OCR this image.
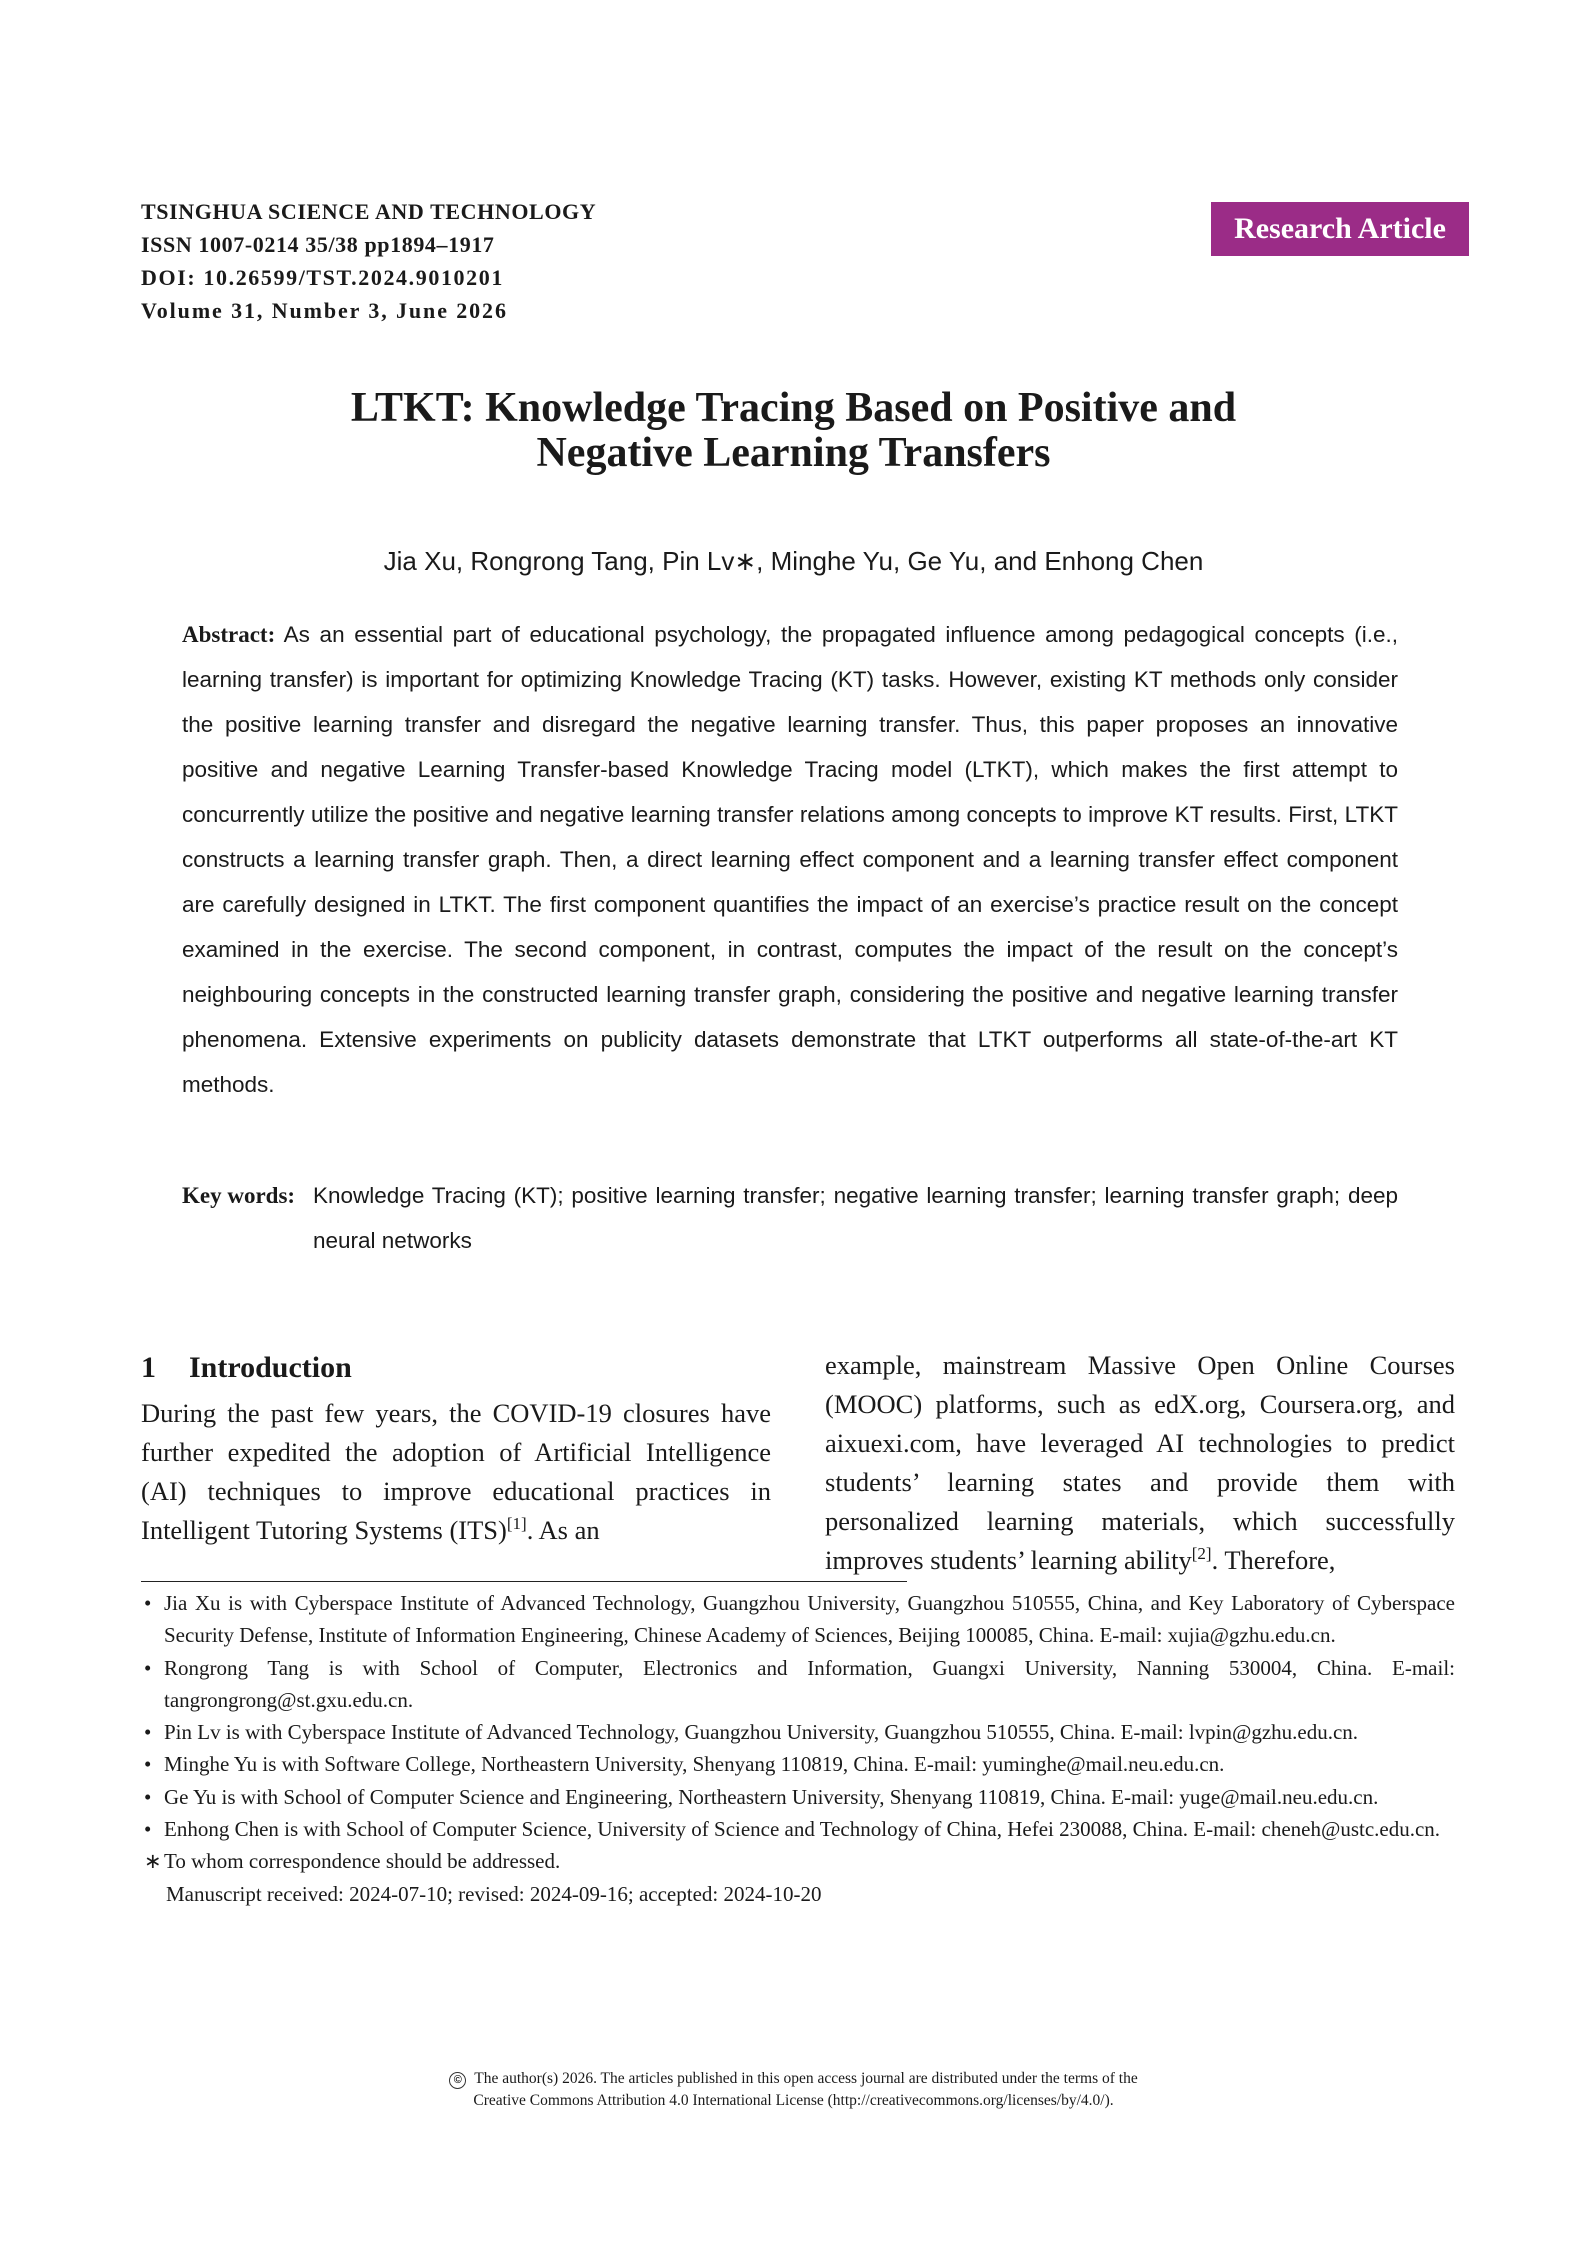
TSINGHUA SCIENCE AND TECHNOLOGY
ISSN 1007-0214 35/38 pp1894–1917
DOI: 10.26599/TST.2024.9010201
Volume 31, Number 3, June 2026
Research Article
LTKT: Knowledge Tracing Based on Positive and
Negative Learning Transfers
Jia Xu, Rongrong Tang, Pin Lv∗, Minghe Yu, Ge Yu, and Enhong Chen
Abstract: As an essential part of educational psychology, the propagated influence among pedagogical concepts (i.e., learning transfer) is important for optimizing Knowledge Tracing (KT) tasks. However, existing KT methods only consider the positive learning transfer and disregard the negative learning transfer. Thus, this paper proposes an innovative positive and negative Learning Transfer-based Knowledge Tracing model (LTKT), which makes the first attempt to concurrently utilize the positive and negative learning transfer relations among concepts to improve KT results. First, LTKT constructs a learning transfer graph. Then, a direct learning effect component and a learning transfer effect component are carefully designed in LTKT. The first component quantifies the impact of an exercise’s practice result on the concept examined in the exercise. The second component, in contrast, computes the impact of the result on the concept’s neighbouring concepts in the constructed learning transfer graph, considering the positive and negative learning transfer phenomena. Extensive experiments on publicity datasets demonstrate that LTKT outperforms all state-of-the-art KT methods.
Key words: Knowledge Tracing (KT); positive learning transfer; negative learning transfer; learning transfer graph; deep neural networks
1 Introduction

During the past few years, the COVID-19 closures have further expedited the adoption of Artificial Intelligence (AI) techniques to improve educational practices in Intelligent Tutoring Systems (ITS)[1]. As an

example, mainstream Massive Open Online Courses (MOOC) platforms, such as edX.org, Coursera.org, and aixuexi.com, have leveraged AI technologies to predict students’ learning states and provide them with personalized learning materials, which successfully improves students’ learning ability[2]. Therefore,

• Jia Xu is with Cyberspace Institute of Advanced Technology, Guangzhou University, Guangzhou 510555, China, and Key Laboratory of Cyberspace Security Defense, Institute of Information Engineering, Chinese Academy of Sciences, Beijing 100085, China. E-mail: xujia@gzhu.edu.cn.
• Rongrong Tang is with School of Computer, Electronics and Information, Guangxi University, Nanning 530004, China. E-mail: tangrongrong@st.gxu.edu.cn.
• Pin Lv is with Cyberspace Institute of Advanced Technology, Guangzhou University, Guangzhou 510555, China. E-mail: lvpin@gzhu.edu.cn.
• Minghe Yu is with Software College, Northeastern University, Shenyang 110819, China. E-mail: yuminghe@mail.neu.edu.cn.
• Ge Yu is with School of Computer Science and Engineering, Northeastern University, Shenyang 110819, China. E-mail: yuge@mail.neu.edu.cn.
• Enhong Chen is with School of Computer Science, University of Science and Technology of China, Hefei 230088, China. E-mail: cheneh@ustc.edu.cn.
∗ To whom correspondence should be addressed.
Manuscript received: 2024-07-10; revised: 2024-09-16; accepted: 2024-10-20
© The author(s) 2026. The articles published in this open access journal are distributed under the terms of the
Creative Commons Attribution 4.0 International License (http://creativecommons.org/licenses/by/4.0/).
